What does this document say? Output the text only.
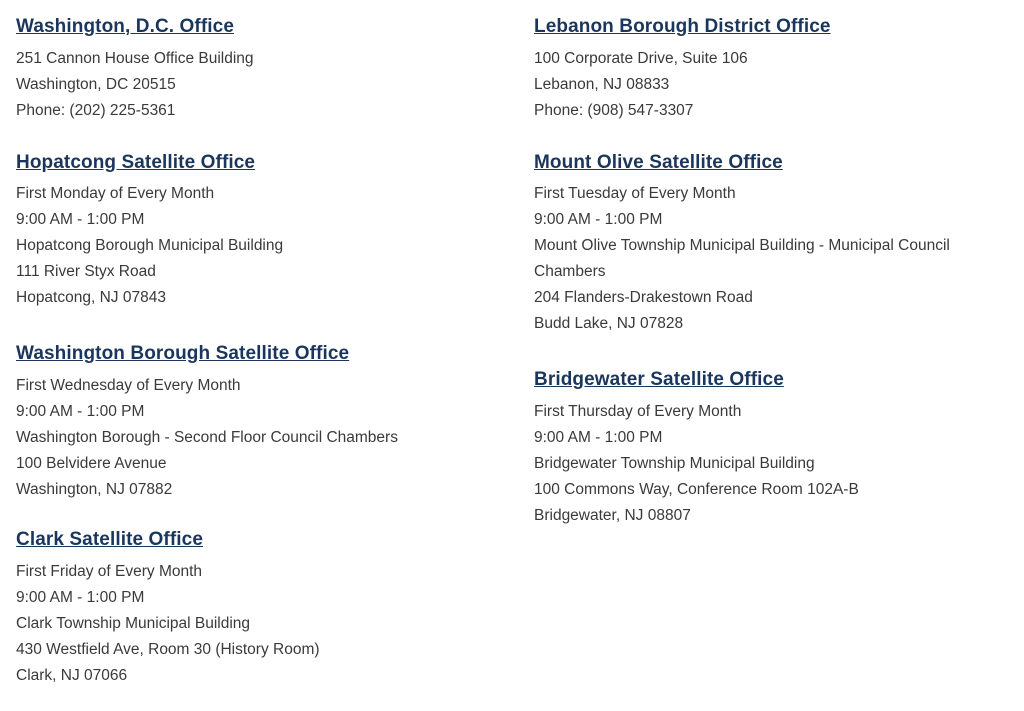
Washington, D.C. Office
251 Cannon House Office Building
Washington, DC 20515
Phone: (202) 225-5361
Hopatcong Satellite Office
First Monday of Every Month
9:00 AM - 1:00 PM
Hopatcong Borough Municipal Building
111 River Styx Road
Hopatcong, NJ 07843
Washington Borough Satellite Office
First Wednesday of Every Month
9:00 AM - 1:00 PM
Washington Borough - Second Floor Council Chambers
100 Belvidere Avenue
Washington, NJ 07882
Clark Satellite Office
First Friday of Every Month
9:00 AM - 1:00 PM
Clark Township Municipal Building
430 Westfield Ave, Room 30 (History Room)
Clark, NJ 07066
Lebanon Borough District Office
100 Corporate Drive, Suite 106
Lebanon, NJ 08833
Phone: (908) 547-3307
Mount Olive Satellite Office
First Tuesday of Every Month
9:00 AM - 1:00 PM
Mount Olive Township Municipal Building - Municipal Council Chambers
204 Flanders-Drakestown Road
Budd Lake, NJ 07828
Bridgewater Satellite Office
First Thursday of Every Month
9:00 AM - 1:00 PM
Bridgewater Township Municipal Building
100 Commons Way, Conference Room 102A-B
Bridgewater, NJ 08807
